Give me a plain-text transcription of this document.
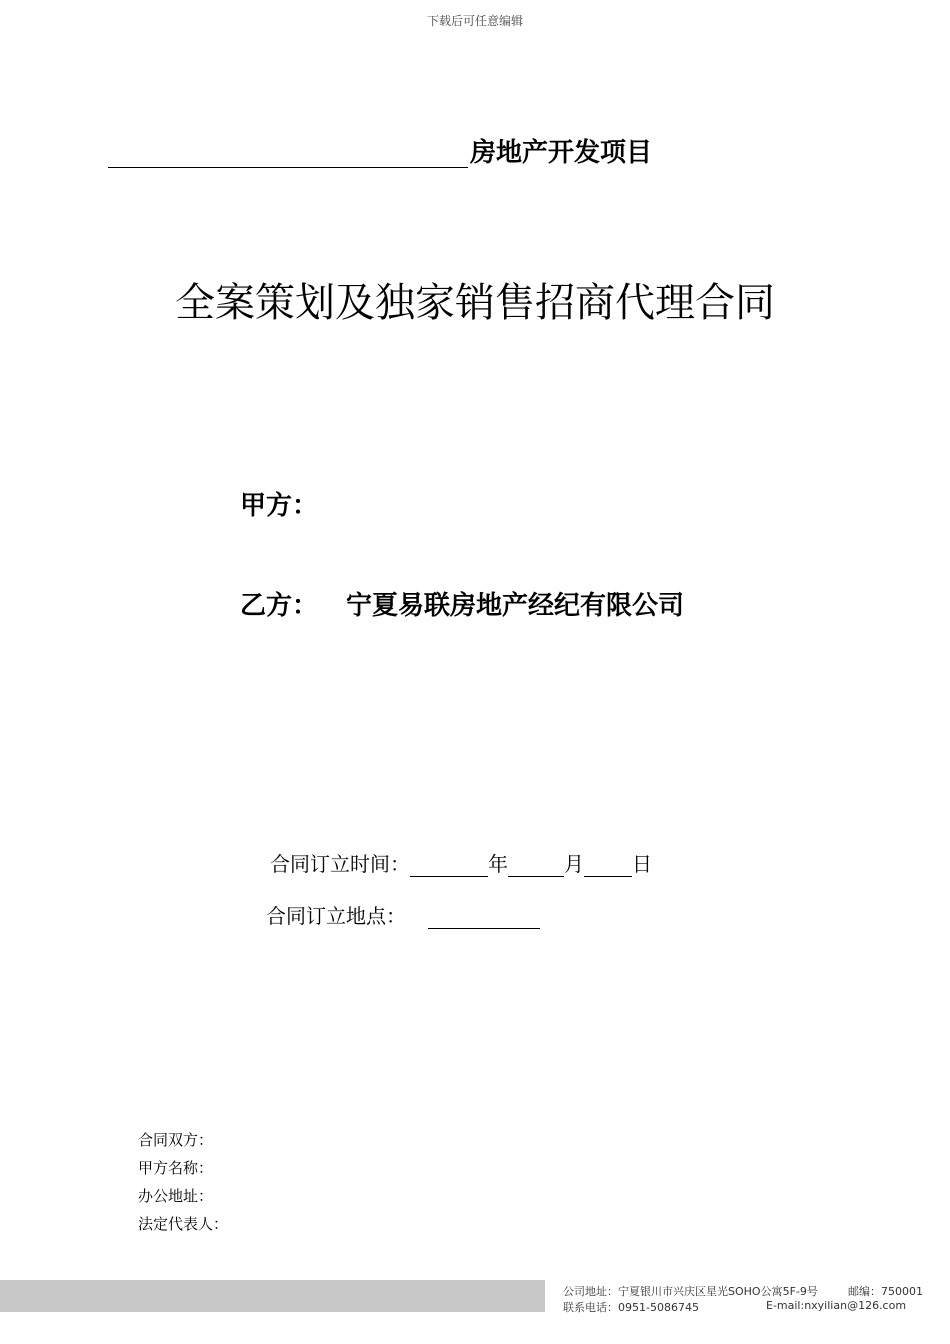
下载后可任意编辑
房地产开发项目
全案策划及独家销售招商代理合同
甲方：
乙方： 宁夏易联房地产经纪有限公司
合同订立时间：	年	月 日
合同订立地点：
合同双方：
甲方名称：
办公地址：
法定代表人：
公司地址：宁夏银川市兴庆区星光SOHO公寓5F-9号	邮编：750001
联系电话：0951-5086745	E-mail:nxyilian@126.com
